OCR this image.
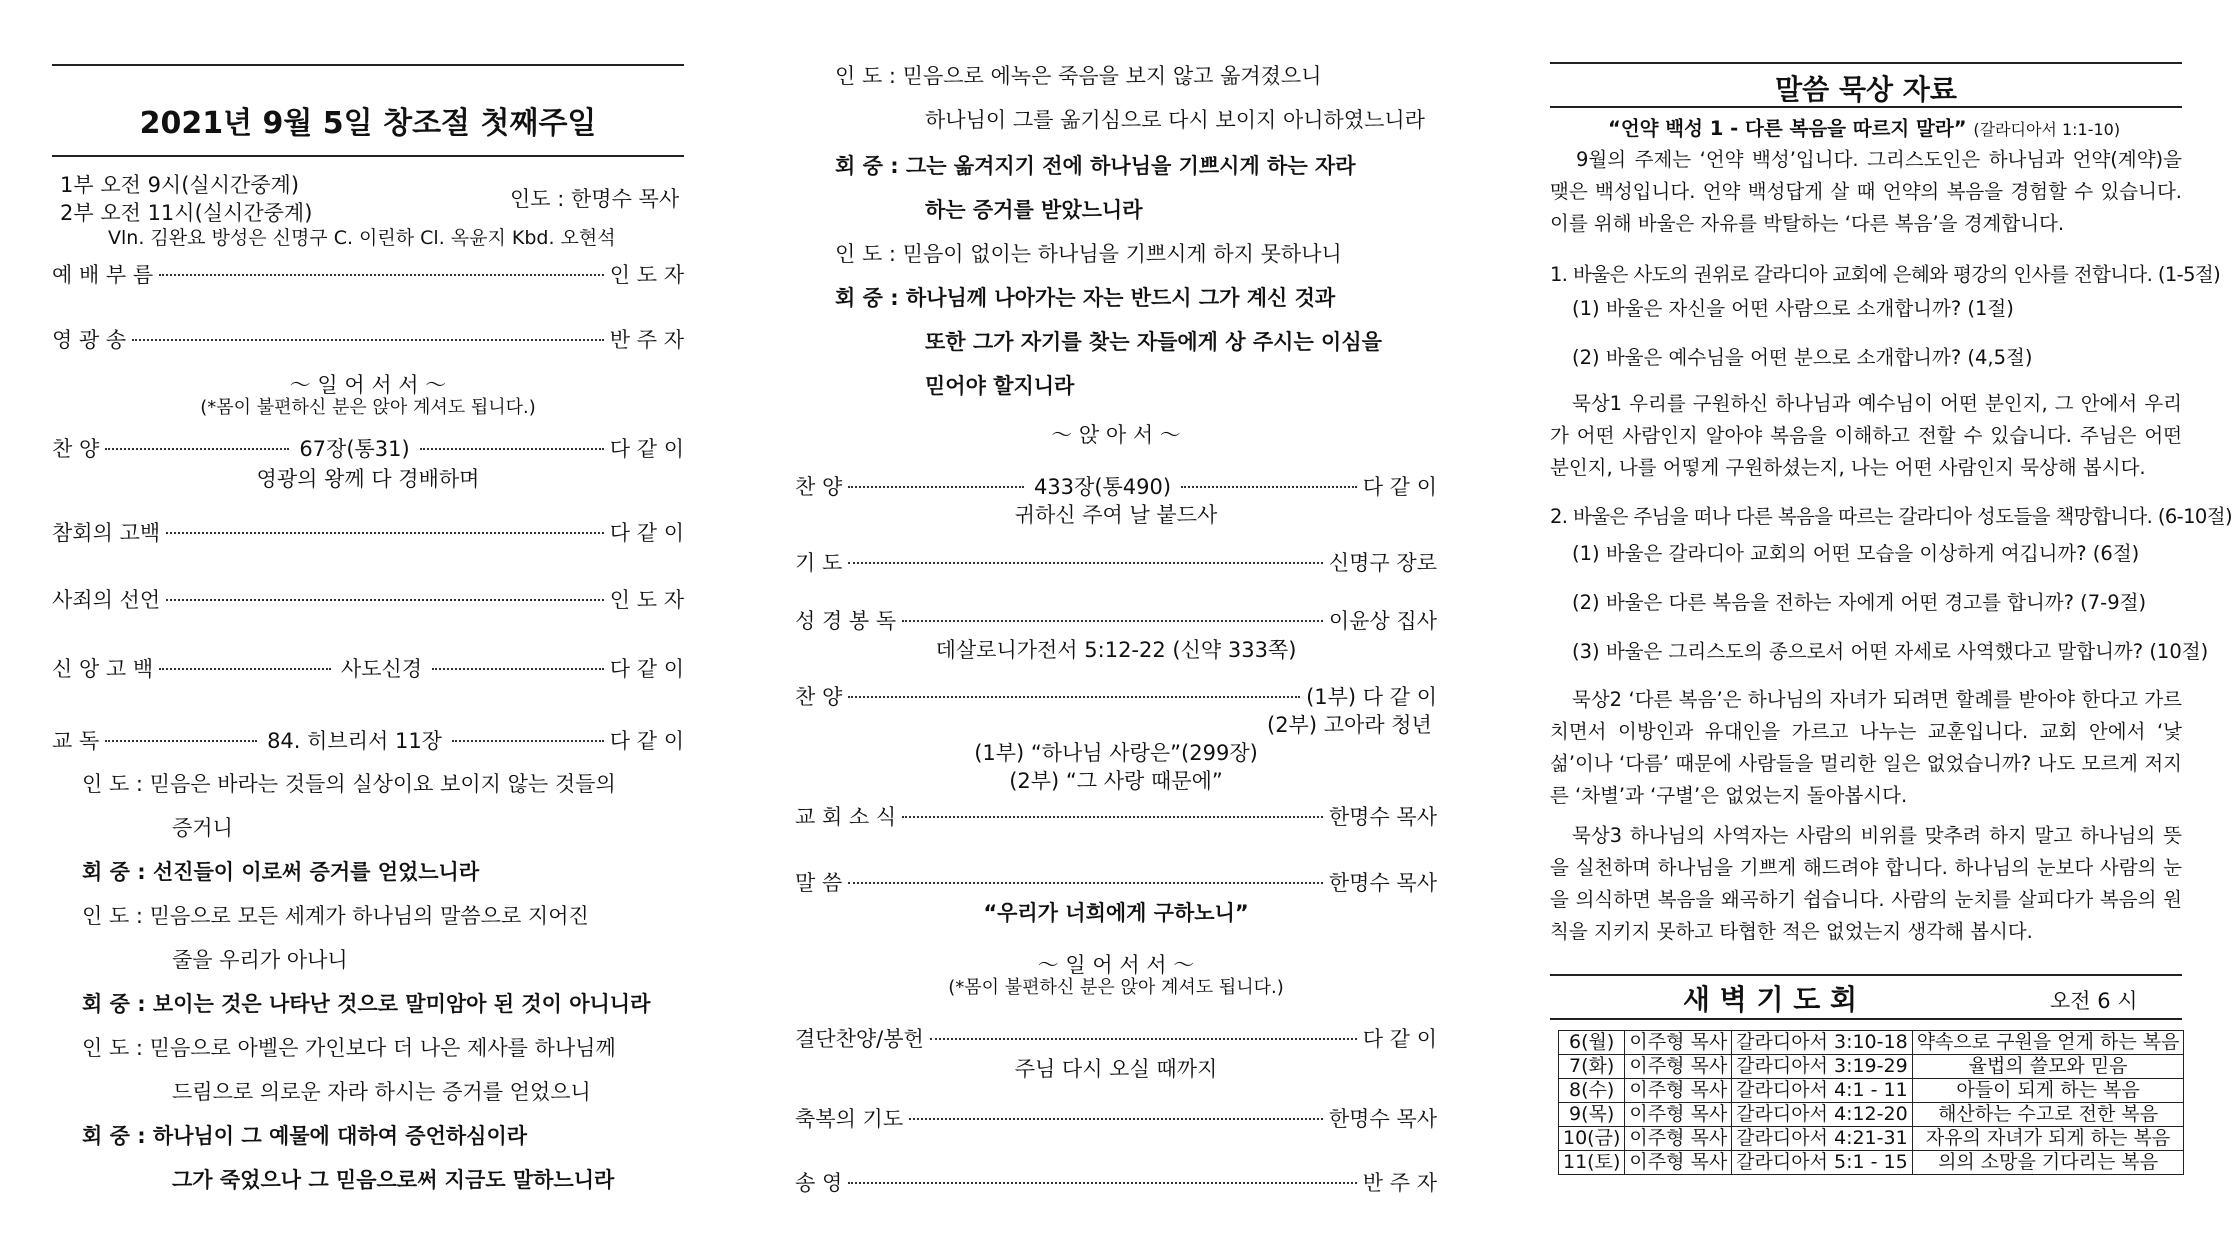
2021년 9월 5일 창조절 첫째주일
1부 오전 9시(실시간중계)
2부 오전 11시(실시간중계)
인도 : 한명수 목사
Vln. 김완요 방성은 신명구 C. 이린하 Cl. 옥윤지 Kbd. 오현석
예 배 부 름	인 도 자
영 광 송	반 주 자
〜 일 어 서 서 〜
(*몸이 불편하신 분은 앉아 계셔도 됩니다.)
찬 양	67장(통31)	다 같 이
영광의 왕께 다 경배하며
참회의 고백	다 같 이
사죄의 선언	인 도 자
신 앙 고 백	사도신경	다 같 이
교 독	84. 히브리서 11장	다 같 이
인 도 : 믿음은 바라는 것들의 실상이요 보이지 않는 것들의
증거니
회 중 : 선진들이 이로써 증거를 얻었느니라
인 도 : 믿음으로 모든 세계가 하나님의 말씀으로 지어진
줄을 우리가 아나니
회 중 : 보이는 것은 나타난 것으로 말미암아 된 것이 아니니라
인 도 : 믿음으로 아벨은 가인보다 더 나은 제사를 하나님께
드림으로 의로운 자라 하시는 증거를 얻었으니
회 중 : 하나님이 그 예물에 대하여 증언하심이라
그가 죽었으나 그 믿음으로써 지금도 말하느니라
인 도 : 믿음으로 에녹은 죽음을 보지 않고 옮겨졌으니
하나님이 그를 옮기심으로 다시 보이지 아니하였느니라
회 중 : 그는 옮겨지기 전에 하나님을 기쁘시게 하는 자라
하는 증거를 받았느니라
인 도 : 믿음이 없이는 하나님을 기쁘시게 하지 못하나니
회 중 : 하나님께 나아가는 자는 반드시 그가 계신 것과
또한 그가 자기를 찾는 자들에게 상 주시는 이심을
믿어야 할지니라
〜 앉 아 서 〜
찬 양	433장(통490)	다 같 이
귀하신 주여 날 붙드사
기 도	신명구 장로
성 경 봉 독	이윤상 집사
데살로니가전서 5:12-22 (신약 333쪽)
찬 양	(1부) 다 같 이
(2부) 고아라 청년
(1부) “하나님 사랑은”(299장)
(2부) “그 사랑 때문에”
교 회 소 식	한명수 목사
말 씀	한명수 목사
“우리가 너희에게 구하노니”
〜 일 어 서 서 〜
(*몸이 불편하신 분은 앉아 계셔도 됩니다.)
결단찬양/봉헌	다 같 이
주님 다시 오실 때까지
축복의 기도	한명수 목사
송 영	반 주 자
말씀 묵상 자료
“언약 백성 1 - 다른 복음을 따르지 말라” (갈라디아서 1:1-10)
9월의 주제는 ‘언약 백성’입니다. 그리스도인은 하나님과 언약(계약)을 맺은 백성입니다. 언약 백성답게 살 때 언약의 복음을 경험할 수 있습니다. 이를 위해 바울은 자유를 박탈하는 ‘다른 복음’을 경계합니다.
1. 바울은 사도의 권위로 갈라디아 교회에 은혜와 평강의 인사를 전합니다. (1-5절)
(1) 바울은 자신을 어떤 사람으로 소개합니까? (1절)
(2) 바울은 예수님을 어떤 분으로 소개합니까? (4,5절)
묵상1 우리를 구원하신 하나님과 예수님이 어떤 분인지, 그 안에서 우리가 어떤 사람인지 알아야 복음을 이해하고 전할 수 있습니다. 주님은 어떤 분인지, 나를 어떻게 구원하셨는지, 나는 어떤 사람인지 묵상해 봅시다.
2. 바울은 주님을 떠나 다른 복음을 따르는 갈라디아 성도들을 책망합니다. (6-10절)
(1) 바울은 갈라디아 교회의 어떤 모습을 이상하게 여깁니까? (6절)
(2) 바울은 다른 복음을 전하는 자에게 어떤 경고를 합니까? (7-9절)
(3) 바울은 그리스도의 종으로서 어떤 자세로 사역했다고 말합니까? (10절)
묵상2 ‘다른 복음’은 하나님의 자녀가 되려면 할례를 받아야 한다고 가르치면서 이방인과 유대인을 가르고 나누는 교훈입니다. 교회 안에서 ‘낯섦’이나 ‘다름’ 때문에 사람들을 멀리한 일은 없었습니까? 나도 모르게 저지른 ‘차별’과 ‘구별’은 없었는지 돌아봅시다.
묵상3 하나님의 사역자는 사람의 비위를 맞추려 하지 말고 하나님의 뜻을 실천하며 하나님을 기쁘게 해드려야 합니다. 하나님의 눈보다 사람의 눈을 의식하면 복음을 왜곡하기 쉽습니다. 사람의 눈치를 살피다가 복음의 원칙을 지키지 못하고 타협한 적은 없었는지 생각해 봅시다.
새 벽 기 도 회	오전 6 시
6(월)	이주형 목사	갈라디아서 3:10-18	약속으로 구원을 얻게 하는 복음
7(화)	이주형 목사	갈라디아서 3:19-29	율법의 쓸모와 믿음
8(수)	이주형 목사	갈라디아서 4:1 - 11	아들이 되게 하는 복음
9(목)	이주형 목사	갈라디아서 4:12-20	해산하는 수고로 전한 복음
10(금)	이주형 목사	갈라디아서 4:21-31	자유의 자녀가 되게 하는 복음
11(토)	이주형 목사	갈라디아서 5:1 - 15	의의 소망을 기다리는 복음
